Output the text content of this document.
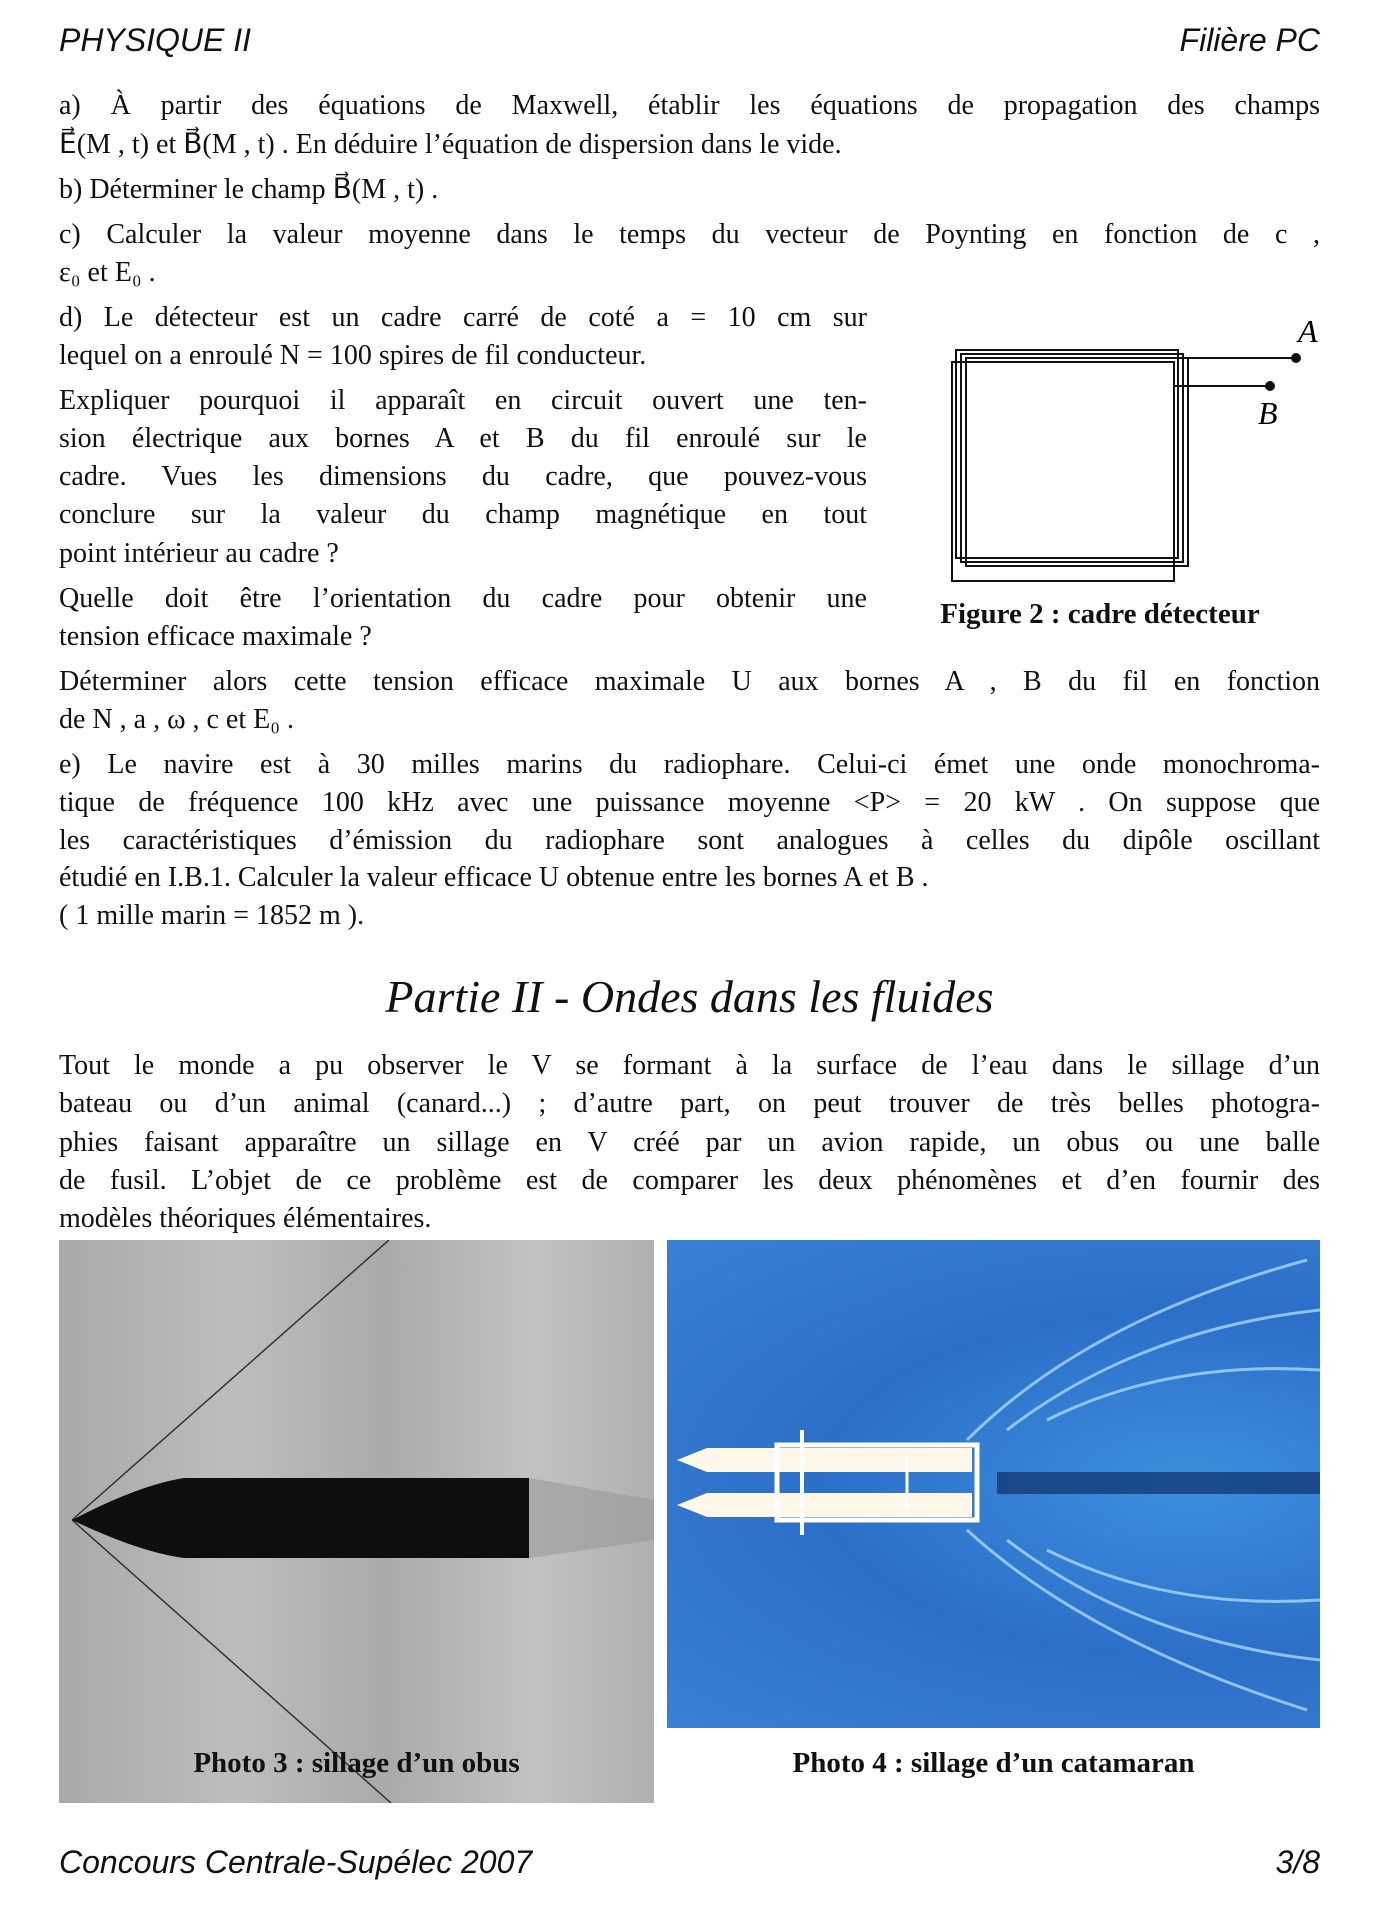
PHYSIQUE II	Filière PC
a) À partir des équations de Maxwell, établir les équations de propagation des champs
E⃗(M , t) et B⃗(M , t) . En déduire l’équation de dispersion dans le vide.
b) Déterminer le champ B⃗(M , t) .
c) Calculer la valeur moyenne dans le temps du vecteur de Poynting en fonction de c ,
ε₀ et E₀ .
d) Le détecteur est un cadre carré de coté a = 10 cm sur
lequel on a enroulé N = 100 spires de fil conducteur.
Expliquer pourquoi il apparaît en circuit ouvert une ten-
sion électrique aux bornes A et B du fil enroulé sur le
cadre. Vues les dimensions du cadre, que pouvez-vous
conclure sur la valeur du champ magnétique en tout
point intérieur au cadre ?
Quelle doit être l’orientation du cadre pour obtenir une
tension efficace maximale ?
Déterminer alors cette tension efficace maximale U aux bornes A , B du fil en fonction
de N , a , ω , c et E₀ .
e) Le navire est à 30 milles marins du radiophare. Celui-ci émet une onde monochroma-
tique de fréquence 100 kHz avec une puissance moyenne <P> = 20 kW . On suppose que
les caractéristiques d’émission du radiophare sont analogues à celles du dipôle oscillant
étudié en I.B.1. Calculer la valeur efficace U obtenue entre les bornes A et B .
( 1 mille marin = 1852 m ).
Tout le monde a pu observer le V se formant à la surface de l’eau dans le sillage d’un
bateau ou d’un animal (canard...) ; d’autre part, on peut trouver de très belles photogra-
phies faisant apparaître un sillage en V créé par un avion rapide, un obus ou une balle
de fusil. L’objet de ce problème est de comparer les deux phénomènes et d’en fournir des
modèles théoriques élémentaires.
A
B
Figure 2 : cadre détecteur
Partie II - Ondes dans les fluides
Photo 3 : sillage d’un obus	Photo 4 : sillage d’un catamaran
Concours Centrale-Supélec 2007	3/8
